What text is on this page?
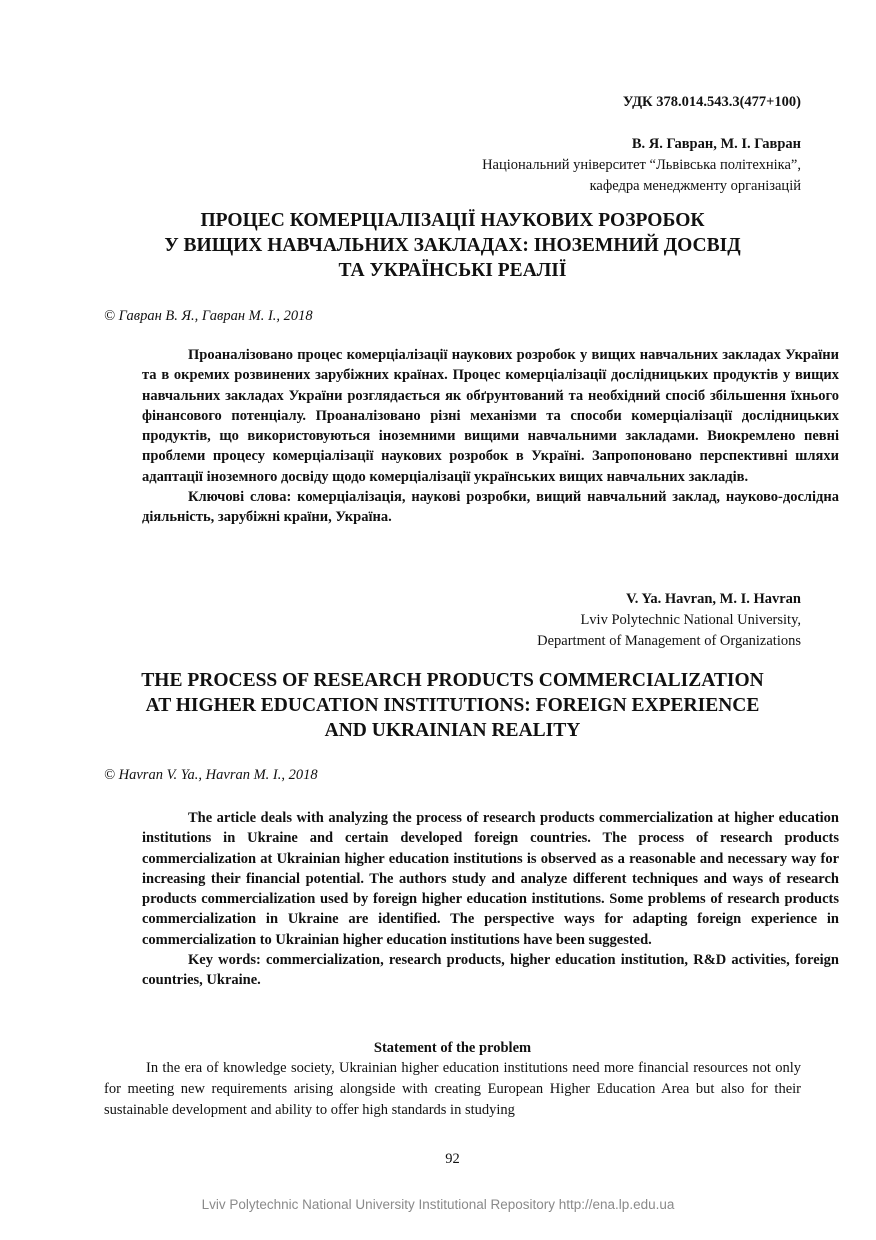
УДК 378.014.543.3(477+100)
В. Я. Гавран, М. І. Гавран
Національний університет “Львівська політехніка”,
кафедра менеджменту організацій
ПРОЦЕС КОМЕРЦІАЛІЗАЦІЇ НАУКОВИХ РОЗРОБОК
У ВИЩИХ НАВЧАЛЬНИХ ЗАКЛАДАХ: ІНОЗЕМНИЙ ДОСВІД
ТА УКРАЇНСЬКІ РЕАЛІЇ
© Гавран В. Я., Гавран М. І., 2018

Проаналізовано процес комерціалізації наукових розробок у вищих навчальних закладах України та в окремих розвинених зарубіжних країнах. Процес комерціалізації дослідницьких продуктів у вищих навчальних закладах України розглядається як обґрунтований та необхідний спосіб збільшення їхнього фінансового потенціалу. Проаналізовано різні механізми та способи комерціалізації дослідницьких продуктів, що використовуються іноземними вищими навчальними закладами. Виокремлено певні проблеми процесу комерціалізації наукових розробок в Україні. Запропоновано перспективні шляхи адаптації іноземного досвіду щодо комерціалізації українських вищих навчальних закладів.

Ключові слова: комерціалізація, наукові розробки, вищий навчальний заклад, науково-дослідна діяльність, зарубіжні країни, Україна.

V. Ya. Havran, M. I. Havran
Lviv Polytechnic National University,
Department of Management of Organizations
THE PROCESS OF RESEARCH PRODUCTS COMMERCIALIZATION
AT HIGHER EDUCATION INSTITUTIONS: FOREIGN EXPERIENCE
AND UKRAINIAN REALITY
© Havran V. Ya., Havran M. I., 2018

The article deals with analyzing the process of research products commercialization at higher education institutions in Ukraine and certain developed foreign countries. The process of research products commercialization at Ukrainian higher education institutions is observed as a reasonable and necessary way for increasing their financial potential. The authors study and analyze different techniques and ways of research products commercialization used by foreign higher education institutions. Some problems of research products commercialization in Ukraine are identified. The perspective ways for adapting foreign experience in commercialization to Ukrainian higher education institutions have been suggested.

Key words: commercialization, research products, higher education institution, R&D activities, foreign countries, Ukraine.

Statement of the problem

In the era of knowledge society, Ukrainian higher education institutions need more financial resources not only for meeting new requirements arising alongside with creating European Higher Education Area but also for their sustainable development and ability to offer high standards in studying

92
Lviv Polytechnic National University Institutional Repository http://ena.lp.edu.ua
